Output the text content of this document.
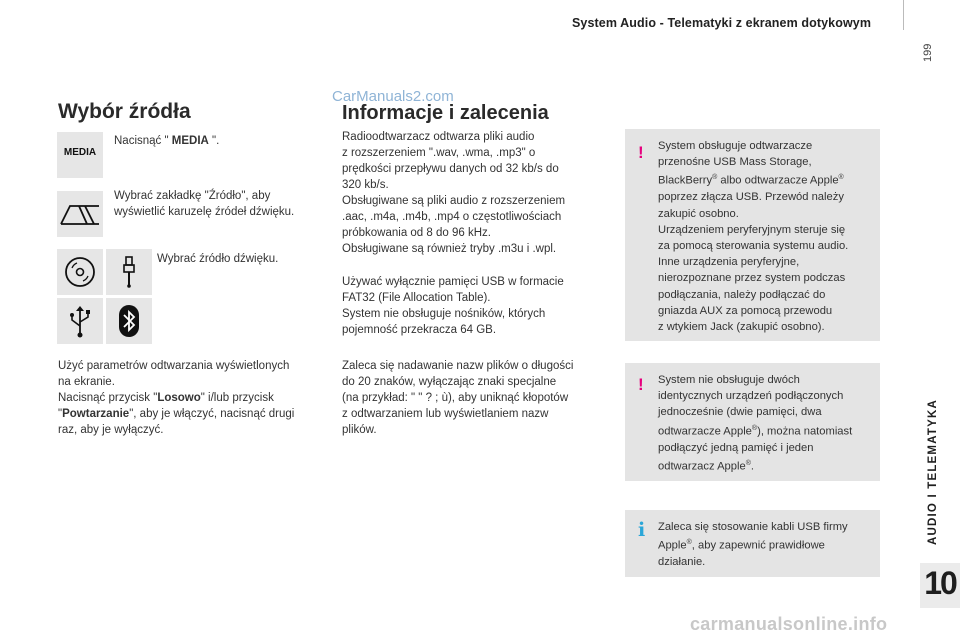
System Audio - Telematyki z ekranem dotykowym
199
AUDIO I TELEMATYKA
10
CarManuals2.com
carmanualsonline.info
Wybór źródła
MEDIA
Nacisnąć " MEDIA ".
Wybrać zakładkę "Źródło", aby
wyświetlić karuzelę źródeł dźwięku.
Wybrać źródło dźwięku.
Użyć parametrów odtwarzania wyświetlonych
na ekranie.
Nacisnąć przycisk "Losowo" i/lub przycisk
"Powtarzanie", aby je włączyć, nacisnąć drugi
raz, aby je wyłączyć.
Informacje i zalecenia
Radioodtwarzacz odtwarza pliki audio
z rozszerzeniem ".wav, .wma, .mp3" o
prędkości przepływu danych od 32 kb/s do
320 kb/s.
Obsługiwane są pliki audio z rozszerzeniem
.aac, .m4a, .m4b, .mp4 o częstotliwościach
próbkowania od 8 do 96 kHz.
Obsługiwane są również tryby .m3u i .wpl.
Używać wyłącznie pamięci USB w formacie
FAT32 (File Allocation Table).
System nie obsługuje nośników, których
pojemność przekracza 64 GB.
Zaleca się nadawanie nazw plików o długości
do 20 znaków, wyłączając znaki specjalne
(na przykład: " " ? ; ù), aby uniknąć kłopotów
z odtwarzaniem lub wyświetlaniem nazw
plików.
! System obsługuje odtwarzacze
przenośne USB Mass Storage,
BlackBerry® albo odtwarzacze Apple®
poprzez złącza USB. Przewód należy
zakupić osobno.
Urządzeniem peryferyjnym steruje się
za pomocą sterowania systemu audio.
Inne urządzenia peryferyjne,
nierozpoznane przez system podczas
podłączania, należy podłączać do
gniazda AUX za pomocą przewodu
z wtykiem Jack (zakupić osobno).
! System nie obsługuje dwóch
identycznych urządzeń podłączonych
jednocześnie (dwie pamięci, dwa
odtwarzacze Apple®), można natomiast
podłączyć jedną pamięć i jeden
odtwarzacz Apple®.
i Zaleca się stosowanie kabli USB firmy
Apple®, aby zapewnić prawidłowe
działanie.
